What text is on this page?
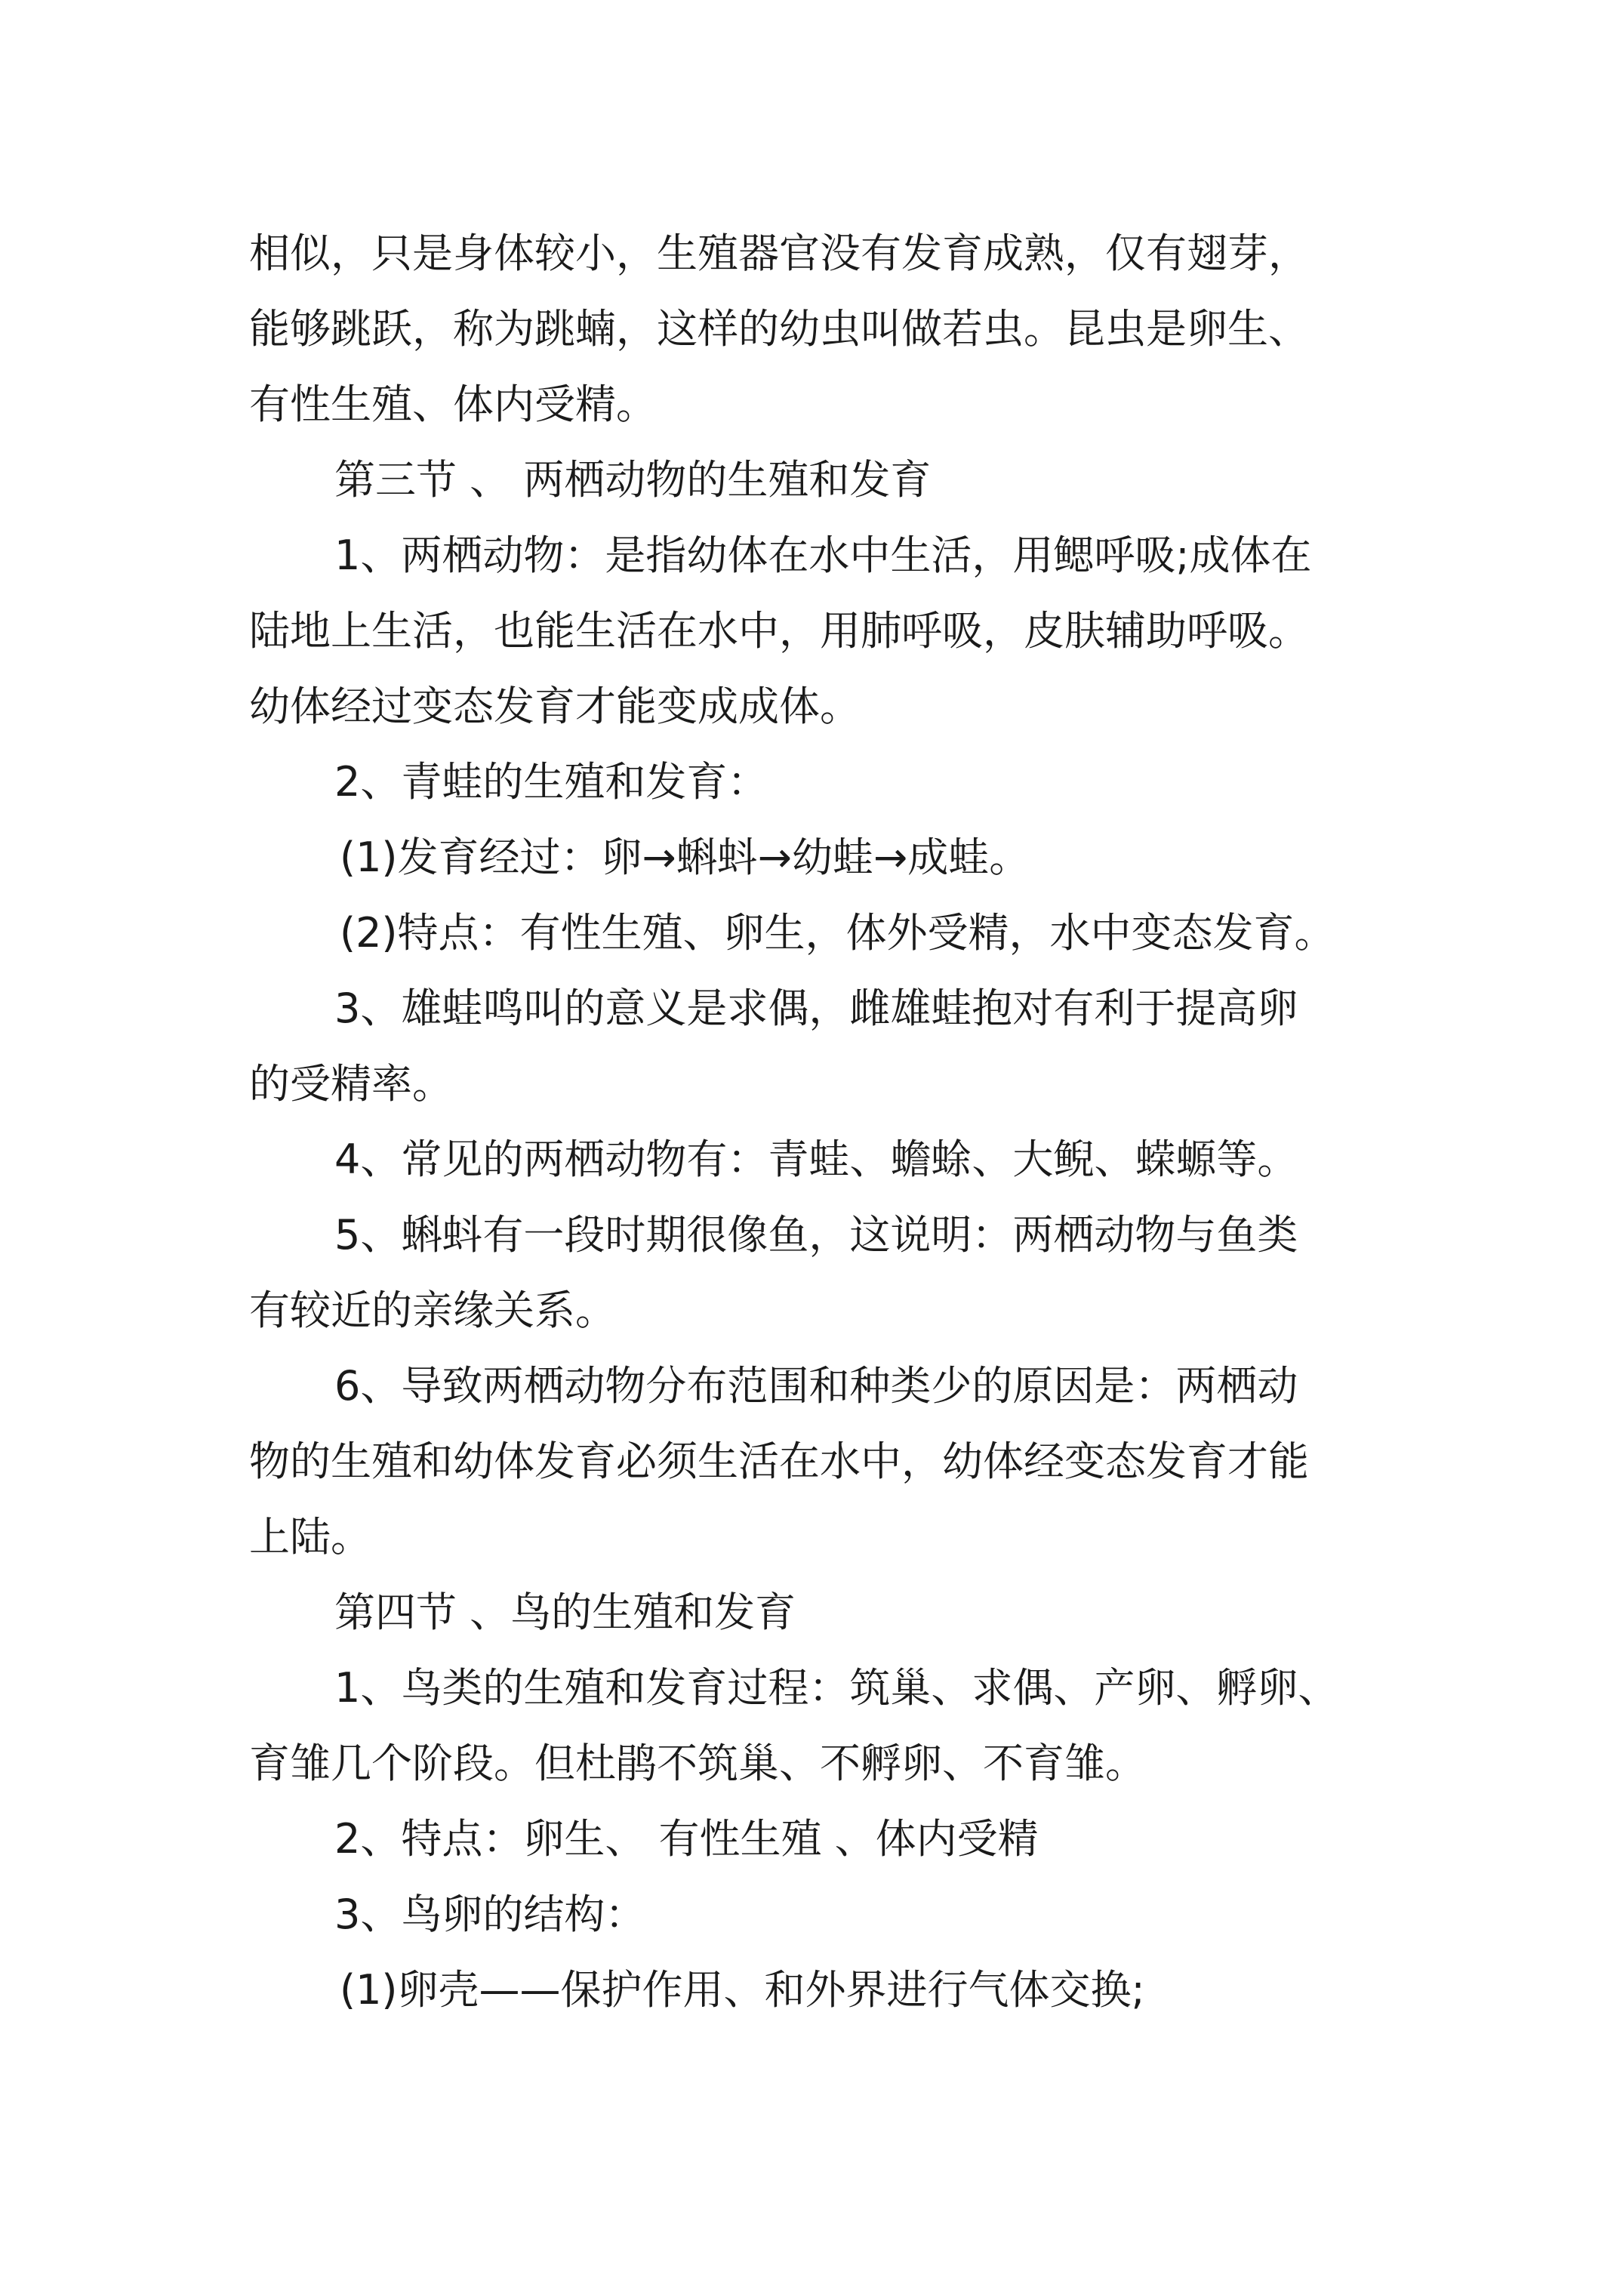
相似，只是身体较小，生殖器官没有发育成熟，仅有翅芽，
能够跳跃，称为跳蝻，这样的幼虫叫做若虫。昆虫是卵生、
有性生殖、体内受精。
第三节 、 两栖动物的生殖和发育
1、两栖动物：是指幼体在水中生活，用鳃呼吸;成体在
陆地上生活，也能生活在水中，用肺呼吸，皮肤辅助呼吸。
幼体经过变态发育才能变成成体。
2、青蛙的生殖和发育：
(1)发育经过：卵→蝌蚪→幼蛙→成蛙。
(2)特点：有性生殖、卵生，体外受精，水中变态发育。
3、雄蛙鸣叫的意义是求偶，雌雄蛙抱对有利于提高卵
的受精率。
4、常见的两栖动物有：青蛙、蟾蜍、大鲵、蝾螈等。
5、蝌蚪有一段时期很像鱼，这说明：两栖动物与鱼类
有较近的亲缘关系。
6、导致两栖动物分布范围和种类少的原因是：两栖动
物的生殖和幼体发育必须生活在水中，幼体经变态发育才能
上陆。
第四节 、鸟的生殖和发育
1、鸟类的生殖和发育过程：筑巢、求偶、产卵、孵卵、
育雏几个阶段。但杜鹃不筑巢、不孵卵、不育雏。
2、特点：卵生、 有性生殖 、体内受精
3、鸟卵的结构：
(1)卵壳——保护作用、和外界进行气体交换;
